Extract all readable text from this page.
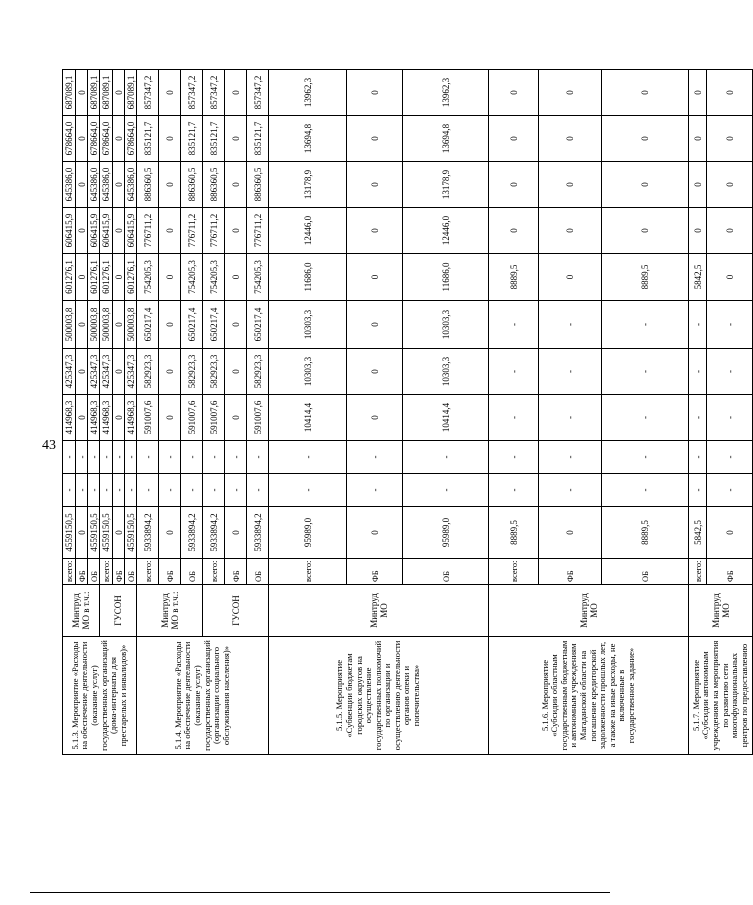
43
5.1.3. Мероприятие «Расходы на обеспечение деятельности (оказание услуг) государственных организаций (дома-интернаты для престарелых и инвалидов)»	Минтруд МО в т.ч.:	всего:	4559150,5	-	-	414968,3	425347,3	500003,8	601276,1	606415,9	645386,0	678664,0	687089,1
		ФБ	0	-	-	0	0	0	0	0	0	0	0
		ОБ	4559150,5	-	-	414968,3	425347,3	500003,8	601276,1	606415,9	645386,0	678664,0	687089,1
	ГУСОН	всего:	4559150,5	-	-	414968,3	425347,3	500003,8	601276,1	606415,9	645386,0	678664,0	687089,1
		ФБ	0	-	-	0	0	0	0	0	0	0	0
		ОБ	4559150,5	-	-	414968,3	425347,3	500003,8	601276,1	606415,9	645386,0	678664,0	687089,1
5.1.4. Мероприятие «Расходы на обеспечение деятельности (оказание услуг) государственных организаций (организации социального обслуживания населения)»	Минтруд МО в т.ч.:	всего:	5933894,2	-	-	591007,6	582923,3	650217,4	754205,3	776711,2	886360,5	835121,7	857347,2
		ФБ	0	-	-	0	0	0	0	0	0	0	0
		ОБ	5933894,2	-	-	591007,6	582923,3	650217,4	754205,3	776711,2	886360,5	835121,7	857347,2
	ГУСОН	всего:	5933894,2	-	-	591007,6	582923,3	650217,4	754205,3	776711,2	886360,5	835121,7	857347,2
		ФБ	0	-	-	0	0	0	0	0	0	0	0
		ОБ	5933894,2	-	-	591007,6	582923,3	650217,4	754205,3	776711,2	886360,5	835121,7	857347,2
5.1.5. Мероприятие «Субвенции бюджетам городских округов на осуществление государственных полномочий по организации и осуществлению деятельности органов опеки и попечительства»	Минтруд МО	всего:	95989,0	-	-	10414,4	10303,3	10303,3	11686,0	12446,0	13178,9	13694,8	13962,3
		ФБ	0	-	-	0	0	0	0	0	0	0	0
		ОБ	95989,0	-	-	10414,4	10303,3	10303,3	11686,0	12446,0	13178,9	13694,8	13962,3
5.1.6. Мероприятие «Субсидии областным государственным бюджетным и автономным учреждениям Магаданской области на погашение кредиторской задолженности прошлых лет, а также на иные расходы, не включенные в государственное задание»	Минтруд МО	всего:	8889,5	-	-	-	-	-	8889,5	0	0	0	0
		ФБ	0	-	-	-	-	-	0	0	0	0	0
		ОБ	8889,5	-	-	-	-	-	8889,5	0	0	0	0
5.1.7. Мероприятие «Субсидии автономным учреждениям на мероприятия по развитию сети многофункциональных центров по предоставлению	Минтруд МО	всего:	5842,5	-	-	-	-	-	5842,5	0	0	0	0
		ФБ	0	-	-	-	-	-	0	0	0	0	0
